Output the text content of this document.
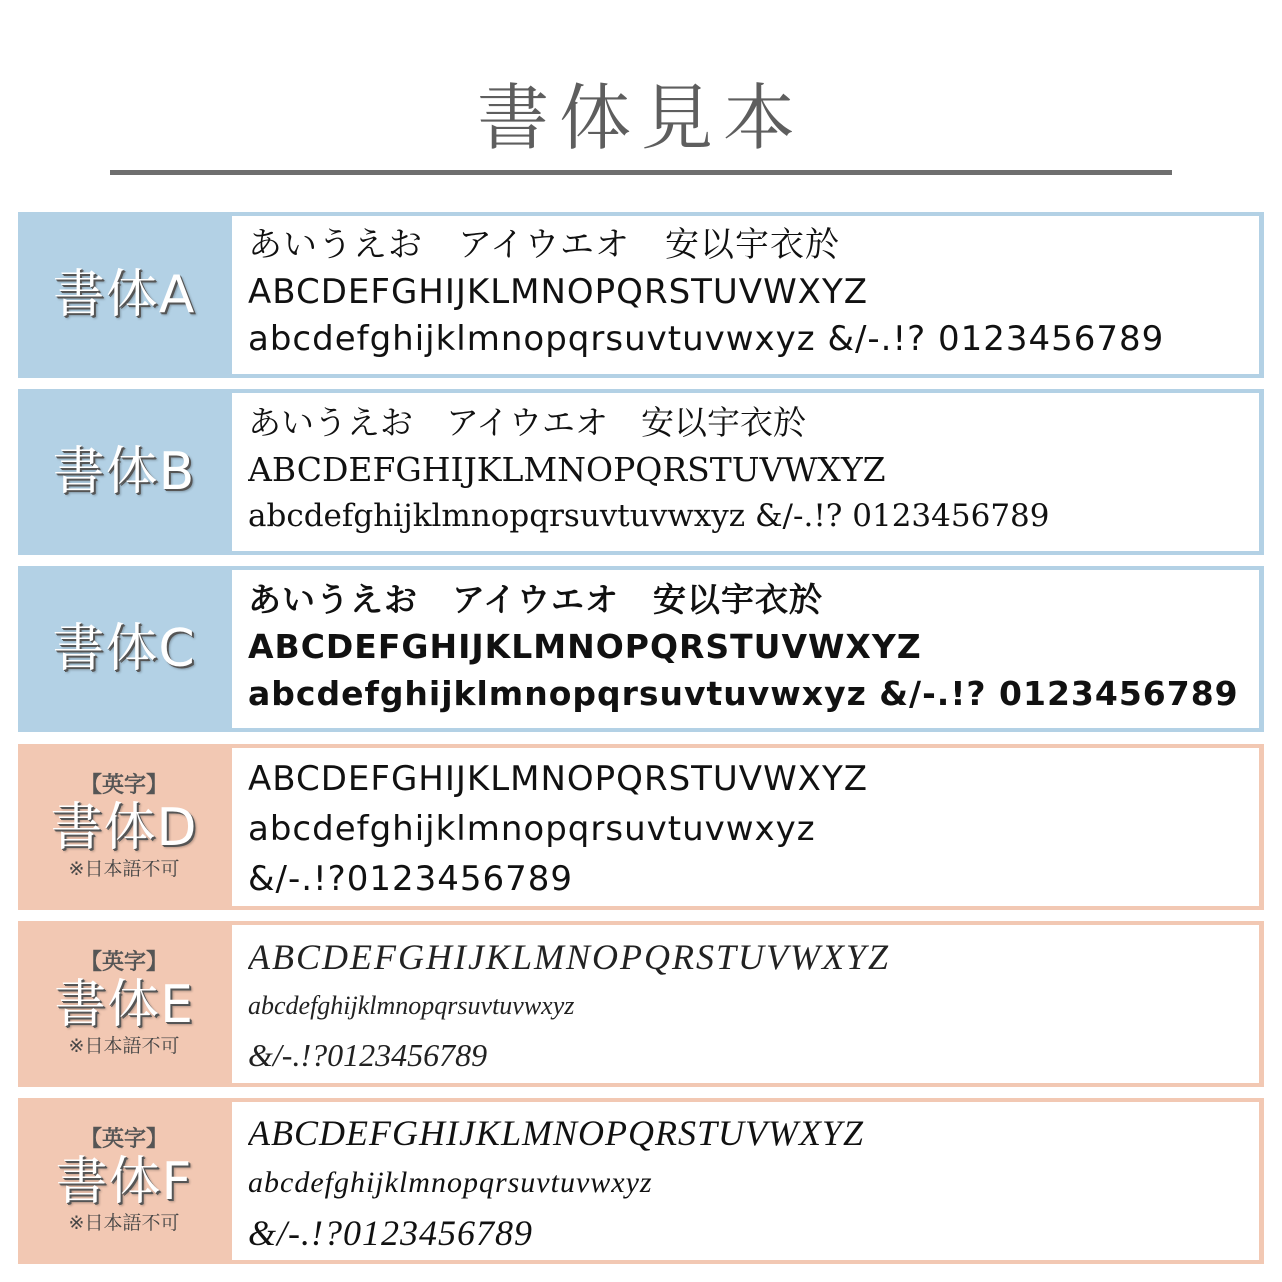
書体見本
書体A
あいうえお　アイウエオ　安以宇衣於
ABCDEFGHIJKLMNOPQRSTUVWXYZ
abcdefghijklmnopqrsuvtuvwxyz &/-.!? 0123456789
書体B
あいうえお　アイウエオ　安以宇衣於
ABCDEFGHIJKLMNOPQRSTUVWXYZ
abcdefghijklmnopqrsuvtuvwxyz &/-.!? 0123456789
書体C
あいうえお　アイウエオ　安以宇衣於
ABCDEFGHIJKLMNOPQRSTUVWXYZ
abcdefghijklmnopqrsuvtuvwxyz &/-.!? 0123456789
【英字】
書体D
※日本語不可
ABCDEFGHIJKLMNOPQRSTUVWXYZ
abcdefghijklmnopqrsuvtuvwxyz
&/-.!?0123456789
【英字】
書体E
※日本語不可
ABCDEFGHIJKLMNOPQRSTUVWXYZ
abcdefghijklmnopqrsuvtuvwxyz
&/-.!?0123456789
【英字】
書体F
※日本語不可
ABCDEFGHIJKLMNOPQRSTUVWXYZ
abcdefghijklmnopqrsuvtuvwxyz
&/-.!?0123456789
